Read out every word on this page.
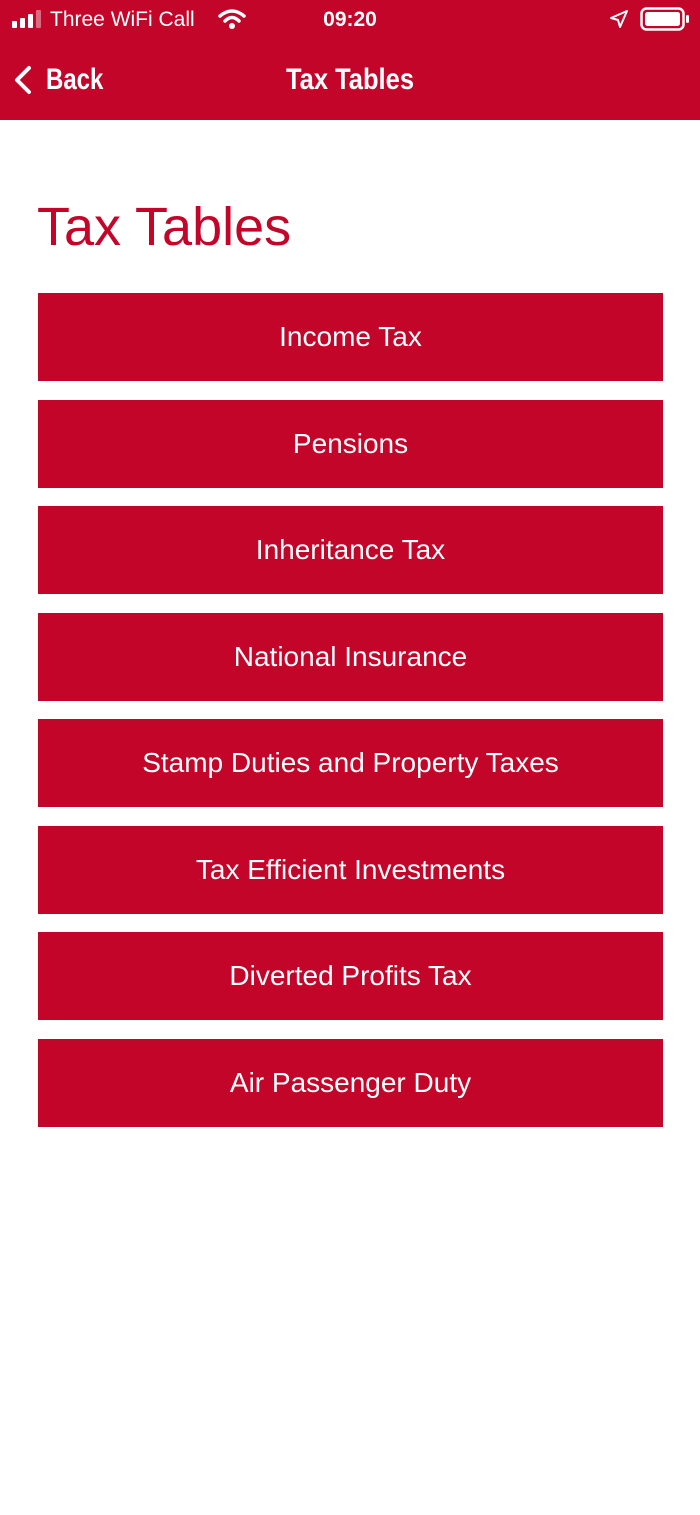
Three WiFi Call	09:20
Back	Tax Tables
Tax Tables
Income Tax
Pensions
Inheritance Tax
National Insurance
Stamp Duties and Property Taxes
Tax Efficient Investments
Diverted Profits Tax
Air Passenger Duty
